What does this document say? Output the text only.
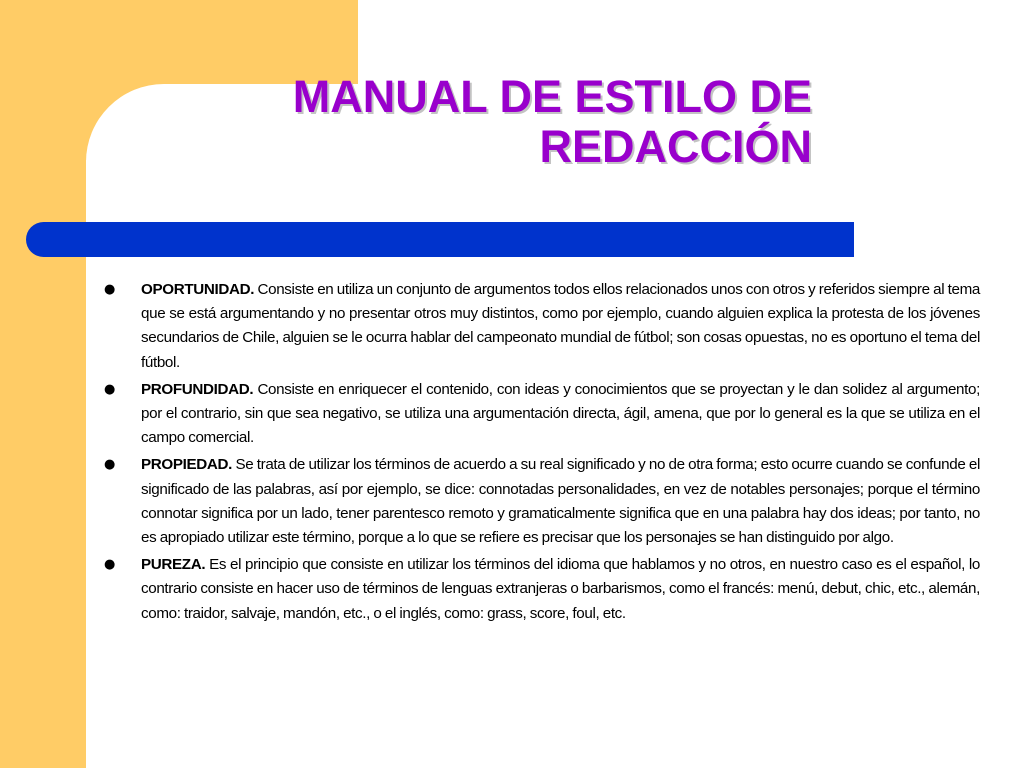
MANUAL DE ESTILO DE
REDACCIÓN
●	OPORTUNIDAD. Consiste en utiliza un conjunto de argumentos todos ellos relacionados unos con otros y referidos siempre al tema que se está argumentando y no presentar otros muy distintos, como por ejemplo, cuando alguien explica la protesta de los jóvenes secundarios de Chile, alguien se le ocurra hablar del campeonato mundial de fútbol; son cosas opuestas, no es oportuno el tema del fútbol.

●	PROFUNDIDAD. Consiste en enriquecer el contenido, con ideas y conocimientos que se proyectan y le dan solidez al argumento; por el contrario, sin que sea negativo, se utiliza una argumentación directa, ágil, amena, que por lo general es la que se utiliza en el campo comercial.

●	PROPIEDAD. Se trata de utilizar los términos de acuerdo a su real significado y no de otra forma; esto ocurre cuando se confunde el significado de las palabras, así por ejemplo, se dice: connotadas personalidades, en vez de notables personajes; porque el término connotar significa por un lado, tener parentesco remoto y gramaticalmente significa que en una palabra hay dos ideas; por tanto, no es apropiado utilizar este término, porque a lo que se refiere es precisar que los personajes se han distinguido por algo.

●	PUREZA. Es el principio que consiste en utilizar los términos del idioma que hablamos y no otros, en nuestro caso es el español, lo contrario consiste en hacer uso de términos de lenguas extranjeras o barbarismos, como el francés: menú, debut, chic, etc., alemán, como: traidor, salvaje, mandón, etc., o el inglés, como: grass, score, foul, etc.
